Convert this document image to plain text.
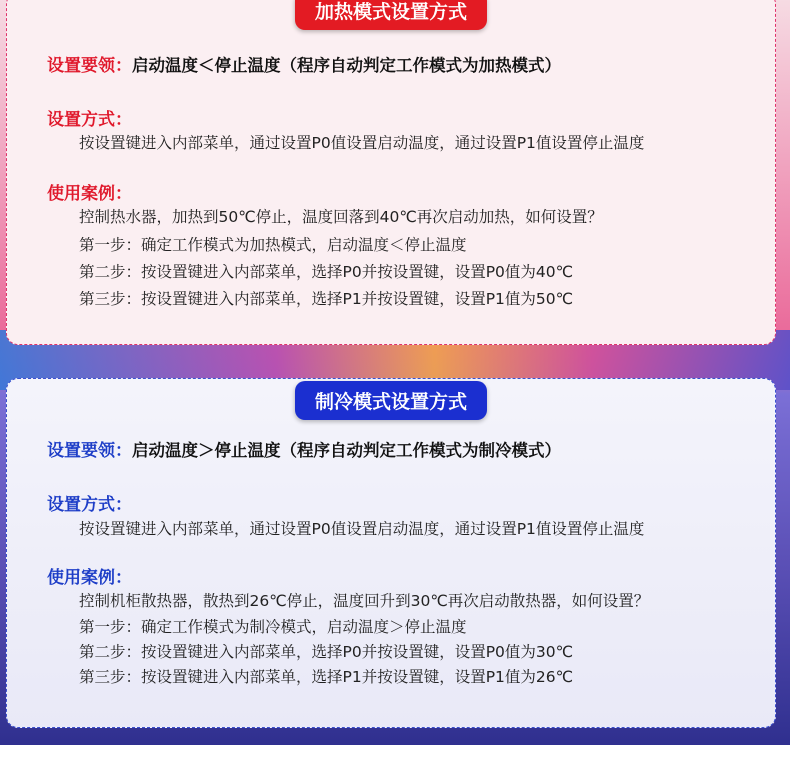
加热模式设置方式
设置要领：启动温度＜停止温度（程序自动判定工作模式为加热模式）
设置方式：
按设置键进入内部菜单，通过设置P0值设置启动温度，通过设置P1值设置停止温度
使用案例：
控制热水器，加热到50℃停止，温度回落到40℃再次启动加热，如何设置？
第一步：确定工作模式为加热模式，启动温度＜停止温度
第二步：按设置键进入内部菜单，选择P0并按设置键，设置P0值为40℃
第三步：按设置键进入内部菜单，选择P1并按设置键，设置P1值为50℃
制冷模式设置方式
设置要领：启动温度＞停止温度（程序自动判定工作模式为制冷模式）
设置方式：
按设置键进入内部菜单，通过设置P0值设置启动温度，通过设置P1值设置停止温度
使用案例：
控制机柜散热器，散热到26℃停止，温度回升到30℃再次启动散热器，如何设置？
第一步：确定工作模式为制冷模式，启动温度＞停止温度
第二步：按设置键进入内部菜单，选择P0并按设置键，设置P0值为30℃
第三步：按设置键进入内部菜单，选择P1并按设置键，设置P1值为26℃
